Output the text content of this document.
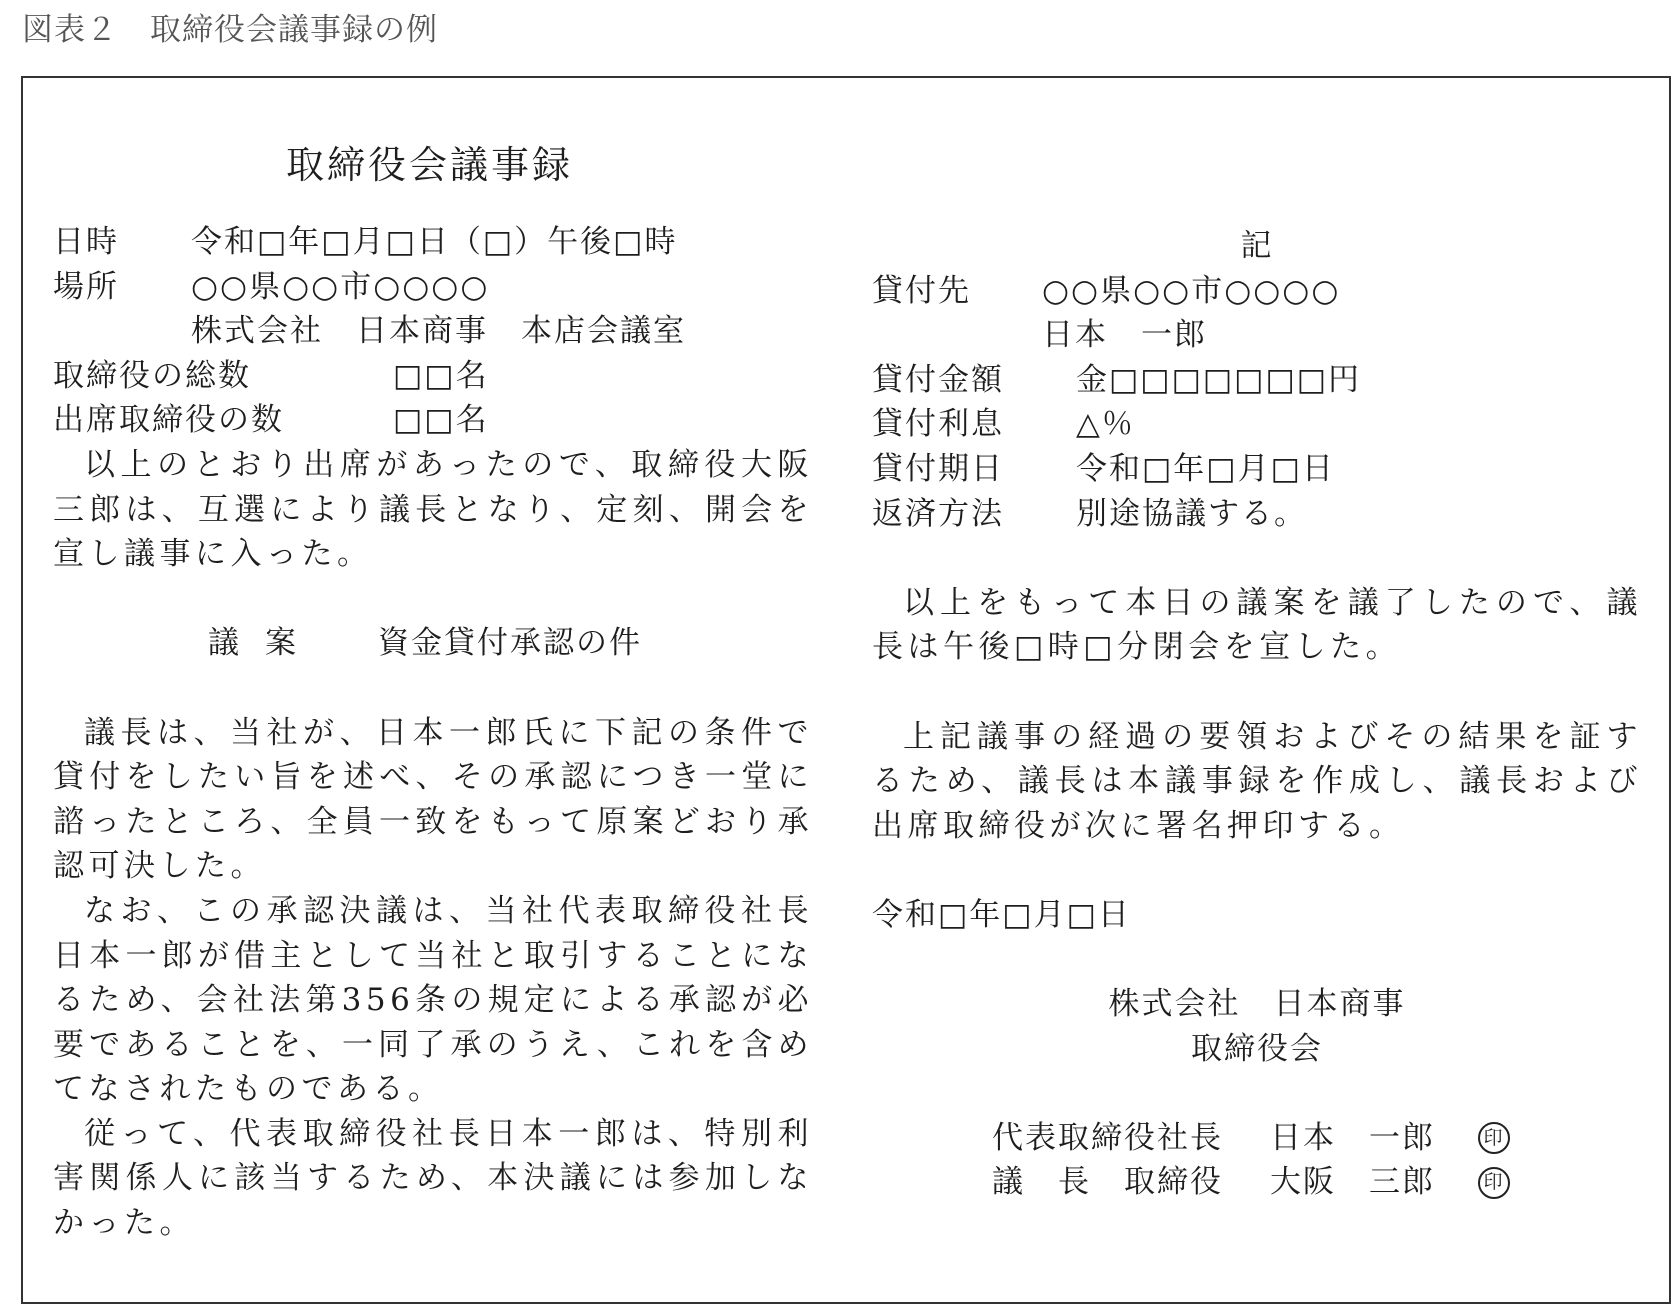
図表２　取締役会議事録の例
取締役会議事録
日時	令和□年□月□日（□）午後□時
場所	○○県○○市○○○○
株式会社　日本商事　本店会議室
取締役の総数	□□名
出席取締役の数	□□名
以上のとおり出席があったので、取締役大阪三郎は、互選により議長となり、定刻、開会を宣し議事に入った。
議案 資金貸付承認の件
議長は、当社が、日本一郎氏に下記の条件で貸付をしたい旨を述べ、その承認につき一堂に諮ったところ、全員一致をもって原案どおり承認可決した。
なお、この承認決議は、当社代表取締役社長日本一郎が借主として当社と取引することになるため、会社法第356条の規定による承認が必要であることを、一同了承のうえ、これを含めてなされたものである。
従って、代表取締役社長日本一郎は、特別利害関係人に該当するため、本決議には参加しなかった。
記
貸付先	○○県○○市○○○○
日本　一郎
貸付金額	金□□□□□□□円
貸付利息	△％
貸付期日	令和□年□月□日
返済方法	別途協議する。
以上をもって本日の議案を議了したので、議長は午後□時□分閉会を宣した。
上記議事の経過の要領およびその結果を証するため、議長は本議事録を作成し、議長および出席取締役が次に署名押印する。
令和□年□月□日
株式会社　日本商事
取締役会
代表取締役社長	日本　一郎	印
議　長　取締役	大阪　三郎	印
